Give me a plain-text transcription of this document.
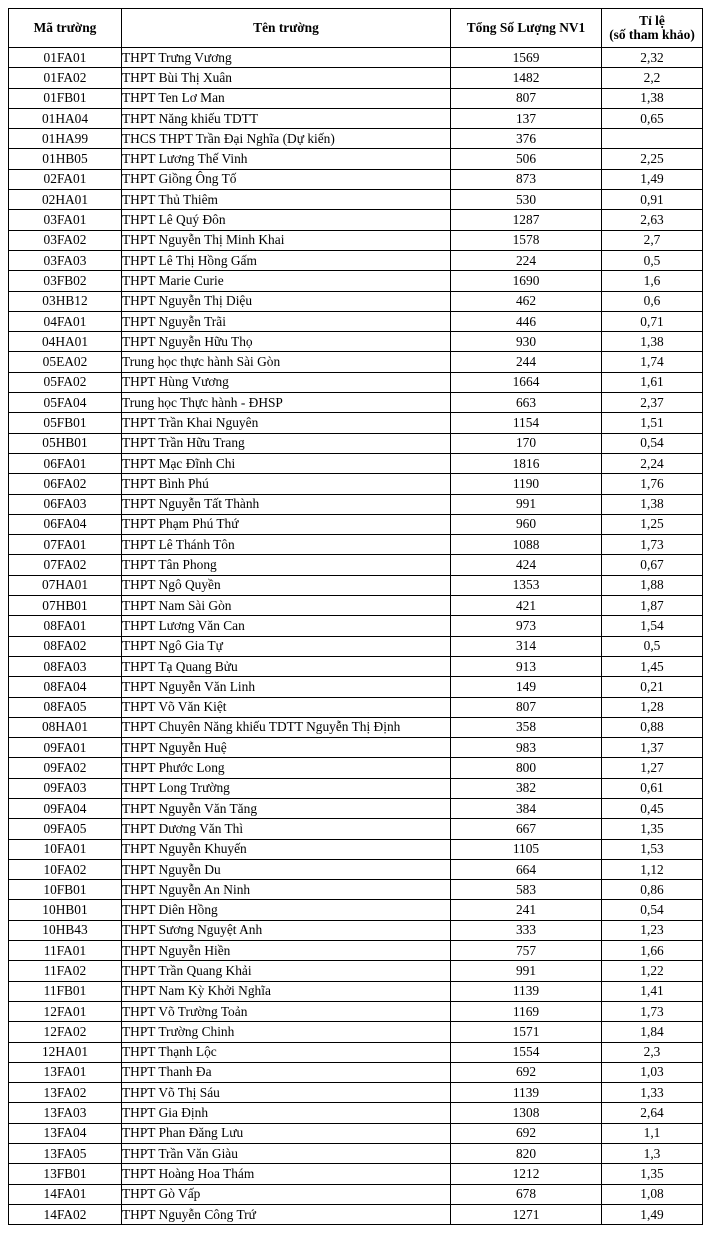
Mã trường	Tên trường	Tổng Số Lượng NV1	Tỉ lệ
(số tham khảo)
01FA01	THPT Trưng Vương	1569	2,32
01FA02	THPT Bùi Thị Xuân	1482	2,2
01FB01	THPT Ten Lơ Man	807	1,38
01HA04	THPT Năng khiếu TDTT	137	0,65
01HA99	THCS THPT Trần Đại Nghĩa (Dự kiến)	376	
01HB05	THPT Lương Thế Vinh	506	2,25
02FA01	THPT Giồng Ông Tố	873	1,49
02HA01	THPT Thủ Thiêm	530	0,91
03FA01	THPT Lê Quý Đôn	1287	2,63
03FA02	THPT Nguyễn Thị Minh Khai	1578	2,7
03FA03	THPT Lê Thị Hồng Gấm	224	0,5
03FB02	THPT Marie Curie	1690	1,6
03HB12	THPT Nguyễn Thị Diệu	462	0,6
04FA01	THPT Nguyễn Trãi	446	0,71
04HA01	THPT Nguyễn Hữu Thọ	930	1,38
05EA02	Trung học thực hành Sài Gòn	244	1,74
05FA02	THPT Hùng Vương	1664	1,61
05FA04	Trung học Thực hành - ĐHSP	663	2,37
05FB01	THPT Trần Khai Nguyên	1154	1,51
05HB01	THPT Trần Hữu Trang	170	0,54
06FA01	THPT Mạc Đĩnh Chi	1816	2,24
06FA02	THPT Bình Phú	1190	1,76
06FA03	THPT Nguyễn Tất Thành	991	1,38
06FA04	THPT Phạm Phú Thứ	960	1,25
07FA01	THPT Lê Thánh Tôn	1088	1,73
07FA02	THPT Tân Phong	424	0,67
07HA01	THPT Ngô Quyền	1353	1,88
07HB01	THPT Nam Sài Gòn	421	1,87
08FA01	THPT Lương Văn Can	973	1,54
08FA02	THPT Ngô Gia Tự	314	0,5
08FA03	THPT Tạ Quang Bửu	913	1,45
08FA04	THPT Nguyễn Văn Linh	149	0,21
08FA05	THPT Võ Văn Kiệt	807	1,28
08HA01	THPT Chuyên Năng khiếu TDTT Nguyễn Thị Định	358	0,88
09FA01	THPT Nguyễn Huệ	983	1,37
09FA02	THPT Phước Long	800	1,27
09FA03	THPT Long Trường	382	0,61
09FA04	THPT Nguyễn Văn Tăng	384	0,45
09FA05	THPT Dương Văn Thì	667	1,35
10FA01	THPT Nguyễn Khuyến	1105	1,53
10FA02	THPT Nguyễn Du	664	1,12
10FB01	THPT Nguyễn An Ninh	583	0,86
10HB01	THPT Diên Hồng	241	0,54
10HB43	THPT Sương Nguyệt Anh	333	1,23
11FA01	THPT Nguyễn Hiền	757	1,66
11FA02	THPT Trần Quang Khải	991	1,22
11FB01	THPT Nam Kỳ Khởi Nghĩa	1139	1,41
12FA01	THPT Võ Trường Toản	1169	1,73
12FA02	THPT Trường Chinh	1571	1,84
12HA01	THPT Thạnh Lộc	1554	2,3
13FA01	THPT Thanh Đa	692	1,03
13FA02	THPT Võ Thị Sáu	1139	1,33
13FA03	THPT Gia Định	1308	2,64
13FA04	THPT Phan Đăng Lưu	692	1,1
13FA05	THPT Trần Văn Giàu	820	1,3
13FB01	THPT Hoàng Hoa Thám	1212	1,35
14FA01	THPT Gò Vấp	678	1,08
14FA02	THPT Nguyễn Công Trứ	1271	1,49
